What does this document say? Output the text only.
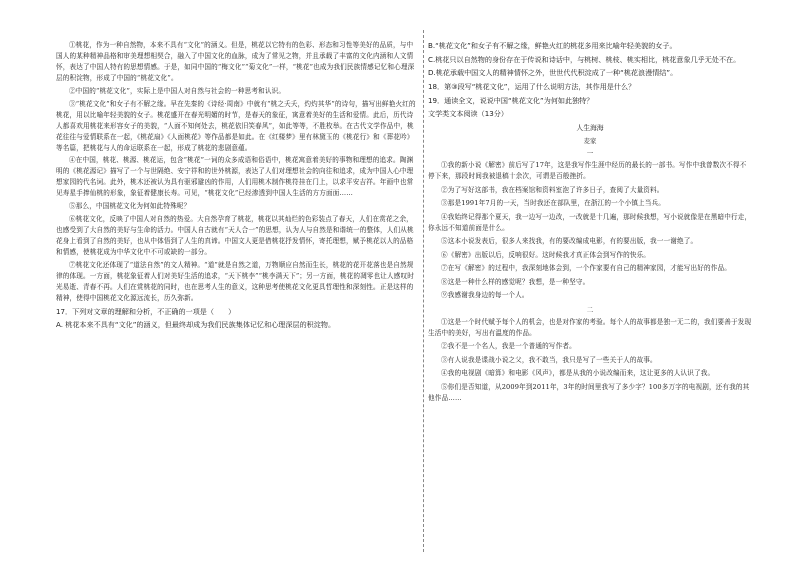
①桃花，作为一种自然物，本来不具有“文化”的涵义。但是，桃花以它特有的色彩、形态和习性等美好的品质，与中国人的某种精神品格和审美理想相契合，融入了中国文化的血脉，成为了常见之物，并且承载了丰富的文化内涵和人文情怀，表达了中国人特有的思想情感。于是，如同中国的“梅文化”“菊文化”一样，“桃花”也成为我们民族情感记忆和心理深层的积淀物，形成了中国的“桃花文化”。

②中国的“桃花文化”，实际上是中国人对自然与社会的一种思考和认识。

③“桃花文化”和女子有不解之缘。早在先秦的《诗经·周南》中就有“桃之夭夭，灼灼其华”的诗句，描写出鲜艳火红的桃花，用以比喻年轻美貌的女子。桃花盛开在春光明媚的时节，是春天的象征，寓意着美好的生活和爱情。此后，历代诗人都喜欢用桃花来形容女子的美貌，“人面不知何处去，桃花依旧笑春风”，如此等等，不胜枚举。在古代文学作品中，桃花往往与爱情联系在一起，《桃花扇》《人面桃花》等作品都是如此。在《红楼梦》里有林黛玉的《桃花行》和《葬花吟》等名篇，把桃花与人的命运联系在一起，形成了桃花的悲剧意蕴。

④在中国，桃花、桃源、桃花运，包含“桃花”一词的众多成语和俗语中，桃花寓意着美好的事物和理想的追求。陶渊明的《桃花源记》描写了一个与世隔绝、安宁祥和的世外桃源，表达了人们对理想社会的向往和追求，成为中国人心中理想家园的代名词。此外，桃木还被认为具有驱邪避凶的作用，人们用桃木制作桃符挂在门上，以求平安吉祥。年画中也常见寿星手捧仙桃的形象，象征着健康长寿。可见，“桃花文化”已经渗透到中国人生活的方方面面……

⑤那么，中国桃花文化为何如此特殊呢？

⑥桃花文化，反映了中国人对自然的热爱。大自然孕育了桃花，桃花以其灿烂的色彩装点了春天，人们在赏花之余，也感受到了大自然的美好与生命的活力。中国人自古就有“天人合一”的思想，认为人与自然是和谐统一的整体，人们从桃花身上看到了自然的美好，也从中体悟到了人生的真谛。中国文人更是借桃花抒发情怀，寄托理想，赋予桃花以人的品格和情感，使桃花成为中华文化中不可或缺的一部分。

⑦桃花文化还体现了“道法自然”的文人精神。“道”就是自然之道，万物顺应自然而生长，桃花的花开花落也是自然规律的体现。一方面，桃花象征着人们对美好生活的追求，“天下桃李”“桃李满天下”；另一方面，桃花的凋零也让人感叹时光易逝、青春不再。人们在赏桃花的同时，也在思考人生的意义，这种思考使桃花文化更具哲理性和深刻性。正是这样的精神，使得中国桃花文化源远流长，历久弥新。

17．下列对文章的理解和分析，不正确的一项是（　　）

A. 桃花本来不具有“文化”的涵义，但最终却成为我们民族集体记忆和心理深层的积淀物。

B.“桃花文化”和女子有不解之缘，鲜艳火红的桃花多用来比喻年轻美貌的女子。

C.桃花只以自然物的身份存在于传说和诗话中，与桃树、桃枝、桃实相比，桃花意象几乎无处不在。

D.桃花承载中国文人的精神情怀之外，世世代代积淀成了一种“桃花浪漫情结”。

18．第③段写“桃花文化”，运用了什么说明方法，其作用是什么？

19．通读全文，说说中国“桃花文化”为何如此独特？

文学类文本阅读（13分）

人生海海

麦家

一

①我的新小说《解密》前后写了17年，这是我写作生涯中经历的最长的一部书。写作中我曾数次不得不停下来，那段时间我被退稿十余次，可谓是百般挫折。

②为了写好这部书，我在档案馆和资料室泡了许多日子，查阅了大量资料。

③那是1991年7月的一天，当时我还在部队里，在浙江的一个小镇上当兵。

④我始终记得那个夏天，我一边写一边改，一改就是十几遍，那时候我想，写小说就像是在黑暗中行走，你永远不知道前面是什么。

⑤这本小说发表后，很多人来找我，有的要改编成电影，有的要出版，我一一谢绝了。

⑥《解密》出版以后，反响很好。这时候我才真正体会到写作的快乐。

⑦在写《解密》的过程中，我深刻地体会到，一个作家要有自己的精神家园，才能写出好的作品。

⑧这是一种什么样的感觉呢？我想，是一种坚守。

⑨我感谢我身边的每一个人。

二

①这是一个时代赋予每个人的机会，也是对作家的考验。每个人的故事都是独一无二的，我们要善于发现生活中的美好，写出有温度的作品。

②我不是一个名人，我是一个普通的写作者。

③有人说我是谍战小说之父，我不敢当，我只是写了一些关于人的故事。

④我的电视剧《暗算》和电影《风声》，都是从我的小说改编而来，这让更多的人认识了我。

⑤你们是否知道，从2009年到2011年，3年的时间里我写了多少字？100多万字的电视剧，还有我的其他作品……
